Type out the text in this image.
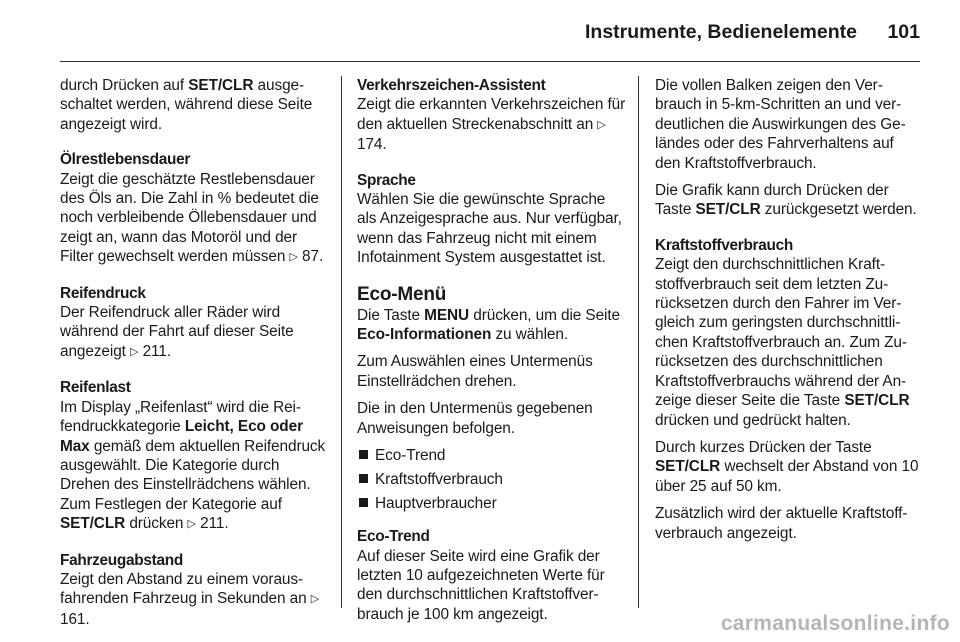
Instrumente, Bedienelemente	101

durch Drücken auf SET/CLR ausgeschaltet werden, während diese Seite angezeigt wird.

Ölrestlebensdauer
Zeigt die geschätzte Restlebensdauer des Öls an. Die Zahl in % bedeutet die noch verbleibende Öllebensdauer und zeigt an, wann das Motoröl und der Filter gewechselt werden müssen ▷ 87.

Reifendruck
Der Reifendruck aller Räder wird während der Fahrt auf dieser Seite angezeigt ▷ 211.

Reifenlast
Im Display „Reifenlast“ wird die Reifendruckkategorie Leicht, Eco oder Max gemäß dem aktuellen Reifendruck ausgewählt. Die Kategorie durch Drehen des Einstellrädchens wählen. Zum Festlegen der Kategorie auf SET/CLR drücken ▷ 211.

Fahrzeugabstand
Zeigt den Abstand zu einem vorausfahrenden Fahrzeug in Sekunden an ▷ 161.

Verkehrszeichen-Assistent
Zeigt die erkannten Verkehrszeichen für den aktuellen Streckenabschnitt an ▷ 174.

Sprache
Wählen Sie die gewünschte Sprache als Anzeigesprache aus. Nur verfügbar, wenn das Fahrzeug nicht mit einem Infotainment System ausgestattet ist.

Eco-Menü

Die Taste MENU drücken, um die Seite Eco-Informationen zu wählen.

Zum Auswählen eines Untermenüs Einstellrädchen drehen.

Die in den Untermenüs gegebenen Anweisungen befolgen.

Eco-Trend
Kraftstoffverbrauch
Hauptverbraucher

Eco-Trend
Auf dieser Seite wird eine Grafik der letzten 10 aufgezeichneten Werte für den durchschnittlichen Kraftstoffverbrauch je 100 km angezeigt.

Die vollen Balken zeigen den Verbrauch in 5-km-Schritten an und verdeutlichen die Auswirkungen des Geländes oder des Fahrverhaltens auf den Kraftstoffverbrauch.

Die Grafik kann durch Drücken der Taste SET/CLR zurückgesetzt werden.

Kraftstoffverbrauch
Zeigt den durchschnittlichen Kraftstoffverbrauch seit dem letzten Zurücksetzen durch den Fahrer im Vergleich zum geringsten durchschnittlichen Kraftstoffverbrauch an. Zum Zurücksetzen des durchschnittlichen Kraftstoffverbrauchs während der Anzeige dieser Seite die Taste SET/CLR drücken und gedrückt halten.

Durch kurzes Drücken der Taste SET/CLR wechselt der Abstand von 10 über 25 auf 50 km.

Zusätzlich wird der aktuelle Kraftstoffverbrauch angezeigt.

carmanualsonline.info
